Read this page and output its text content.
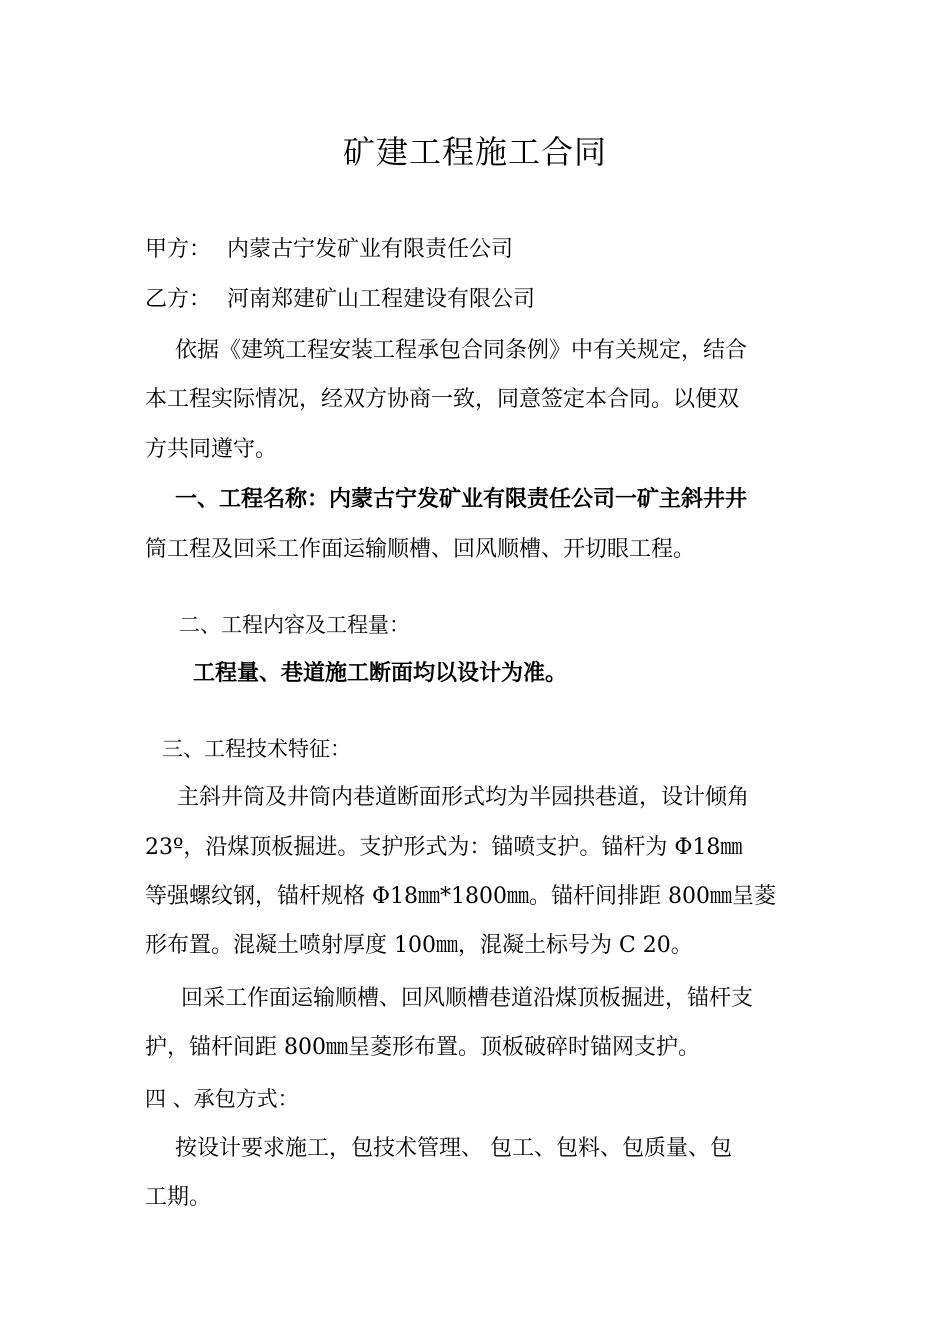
矿建工程施工合同
甲方： 内蒙古宁发矿业有限责任公司
乙方： 河南郑建矿山工程建设有限公司
依据《建筑工程安装工程承包合同条例》中有关规定，结合
本工程实际情况，经双方协商一致，同意签定本合同。以便双
方共同遵守。
一、工程名称：内蒙古宁发矿业有限责任公司一矿主斜井井
筒工程及回采工作面运输顺槽、回风顺槽、开切眼工程。
二、工程内容及工程量：
工程量、巷道施工断面均以设计为准。
三、工程技术特征：
主斜井筒及井筒内巷道断面形式均为半园拱巷道，设计倾角
23º，沿煤顶板掘进。支护形式为：锚喷支护。锚杆为 Φ18㎜
等强螺纹钢，锚杆规格 Φ18㎜*1800㎜。锚杆间排距 800㎜呈菱
形布置。混凝土喷射厚度 100㎜，混凝土标号为 C 20。
回采工作面运输顺槽、回风顺槽巷道沿煤顶板掘进，锚杆支
护，锚杆间距 800㎜呈菱形布置。顶板破碎时锚网支护。
四 、承包方式：
按设计要求施工，包技术管理、 包工、包料、包质量、包
工期。
